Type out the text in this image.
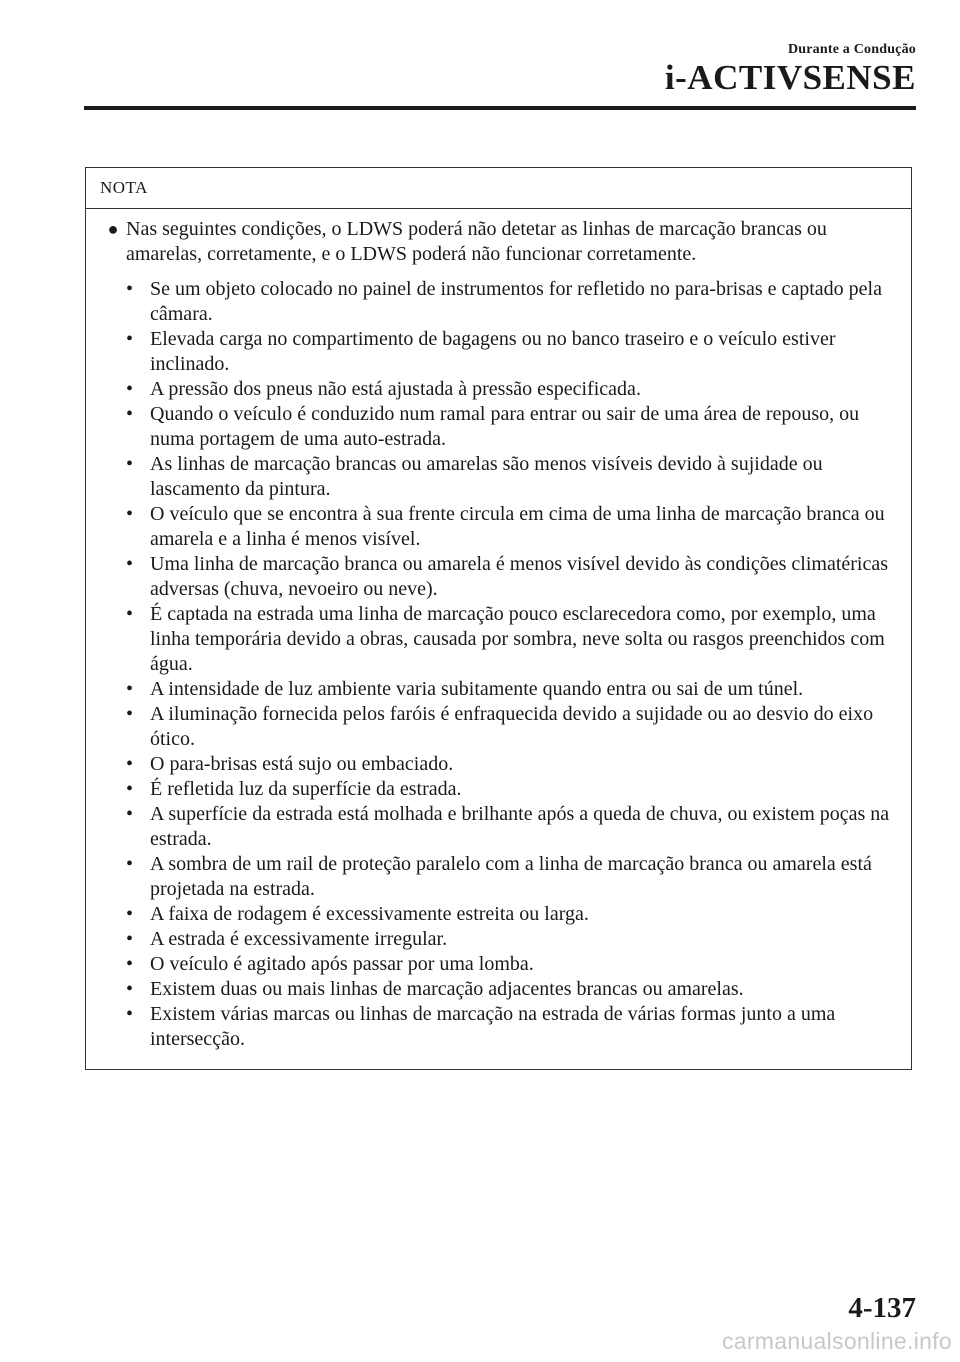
Durante a Condução
i-ACTIVSENSE
NOTA
● Nas seguintes condições, o LDWS poderá não detetar as linhas de marcação brancas ou amarelas, corretamente, e o LDWS poderá não funcionar corretamente.
• Se um objeto colocado no painel de instrumentos for refletido no para-brisas e captado pela câmara.
• Elevada carga no compartimento de bagagens ou no banco traseiro e o veículo estiver inclinado.
• A pressão dos pneus não está ajustada à pressão especificada.
• Quando o veículo é conduzido num ramal para entrar ou sair de uma área de repouso, ou numa portagem de uma auto-estrada.
• As linhas de marcação brancas ou amarelas são menos visíveis devido à sujidade ou lascamento da pintura.
• O veículo que se encontra à sua frente circula em cima de uma linha de marcação branca ou amarela e a linha é menos visível.
• Uma linha de marcação branca ou amarela é menos visível devido às condições climatéricas adversas (chuva, nevoeiro ou neve).
• É captada na estrada uma linha de marcação pouco esclarecedora como, por exemplo, uma linha temporária devido a obras, causada por sombra, neve solta ou rasgos preenchidos com água.
• A intensidade de luz ambiente varia subitamente quando entra ou sai de um túnel.
• A iluminação fornecida pelos faróis é enfraquecida devido a sujidade ou ao desvio do eixo ótico.
• O para-brisas está sujo ou embaciado.
• É refletida luz da superfície da estrada.
• A superfície da estrada está molhada e brilhante após a queda de chuva, ou existem poças na estrada.
• A sombra de um rail de proteção paralelo com a linha de marcação branca ou amarela está projetada na estrada.
• A faixa de rodagem é excessivamente estreita ou larga.
• A estrada é excessivamente irregular.
• O veículo é agitado após passar por uma lomba.
• Existem duas ou mais linhas de marcação adjacentes brancas ou amarelas.
• Existem várias marcas ou linhas de marcação na estrada de várias formas junto a uma intersecção.
4-137
carmanualsonline.info
